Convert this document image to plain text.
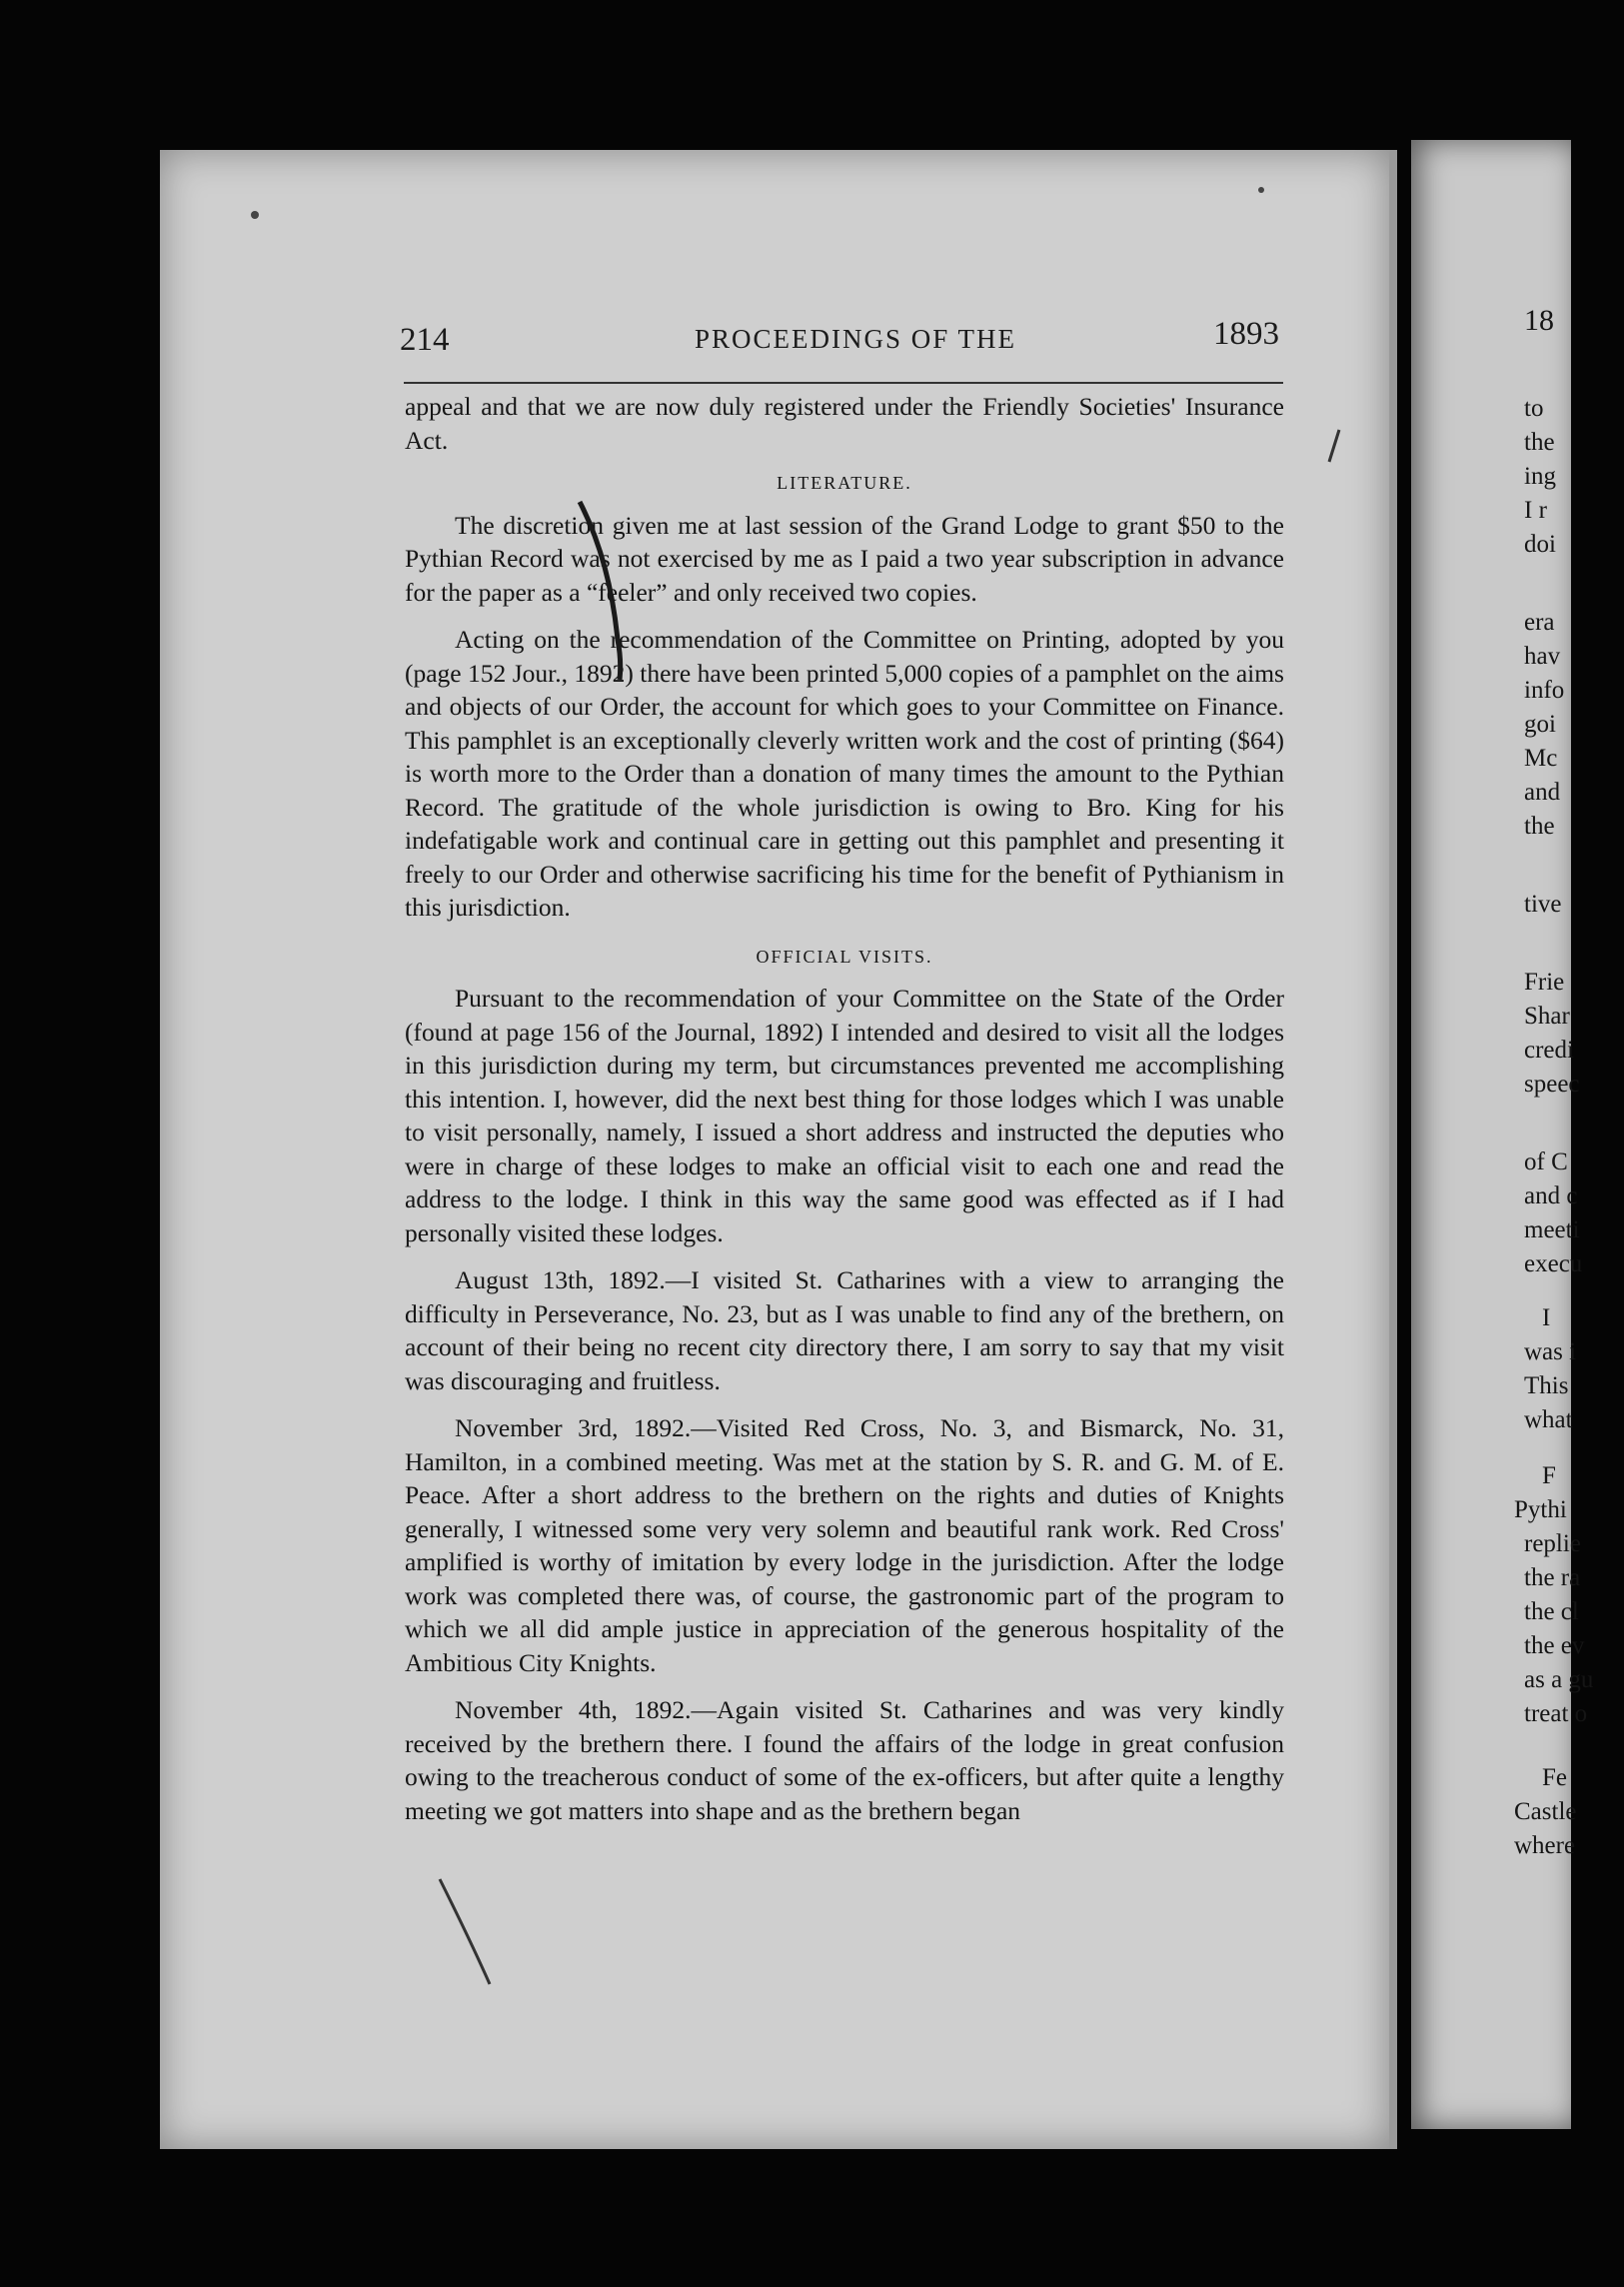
214	PROCEEDINGS OF THE	1893

appeal and that we are now duly registered under the Friendly Societies' Insurance Act.

LITERATURE.

The discretion given me at last session of the Grand Lodge to grant $50 to the Pythian Record was not exercised by me as I paid a two year subscription in advance for the paper as a “feeler” and only received two copies.

Acting on the recommendation of the Committee on Printing, adopted by you (page 152 Jour., 1892) there have been printed 5,000 copies of a pamphlet on the aims and objects of our Order, the account for which goes to your Committee on Finance. This pamphlet is an exceptionally cleverly written work and the cost of printing ($64) is worth more to the Order than a donation of many times the amount to the Pythian Record. The gratitude of the whole jurisdiction is owing to Bro. King for his indefatigable work and continual care in getting out this pamphlet and presenting it freely to our Order and otherwise sacrificing his time for the benefit of Pythianism in this jurisdiction.

OFFICIAL VISITS.

Pursuant to the recommendation of your Committee on the State of the Order (found at page 156 of the Journal, 1892) I intended and desired to visit all the lodges in this jurisdiction during my term, but circumstances prevented me accomplishing this intention. I, however, did the next best thing for those lodges which I was unable to visit personally, namely, I issued a short address and instructed the deputies who were in charge of these lodges to make an official visit to each one and read the address to the lodge. I think in this way the same good was effected as if I had personally visited these lodges.

August 13th, 1892.—I visited St. Catharines with a view to arranging the difficulty in Perseverance, No. 23, but as I was unable to find any of the brethern, on account of their being no recent city directory there, I am sorry to say that my visit was discouraging and fruitless.

November 3rd, 1892.—Visited Red Cross, No. 3, and Bismarck, No. 31, Hamilton, in a combined meeting. Was met at the station by S. R. and G. M. of E. Peace. After a short address to the brethern on the rights and duties of Knights generally, I witnessed some very very solemn and beautiful rank work. Red Cross' amplified is worthy of imitation by every lodge in the jurisdiction. After the lodge work was completed there was, of course, the gastronomic part of the program to which we all did ample justice in appreciation of the generous hospitality of the Ambitious City Knights.

November 4th, 1892.—Again visited St. Catharines and was very kindly received by the brethern there. I found the affairs of the lodge in great confusion owing to the treacherous conduct of some of the ex-officers, but after quite a lengthy meeting we got matters into shape and as the brethern began

18
to
the
ing
I r
doi
era
hav
info
goi
Mc
and
the
tive
Frie
Shar
credi
speec
of C
and c
meeti
execu
I
was i
This
what
F
Pythi
replie
the ra
the cl
the ev
as a gu
treat o
Fe
Castle
where
